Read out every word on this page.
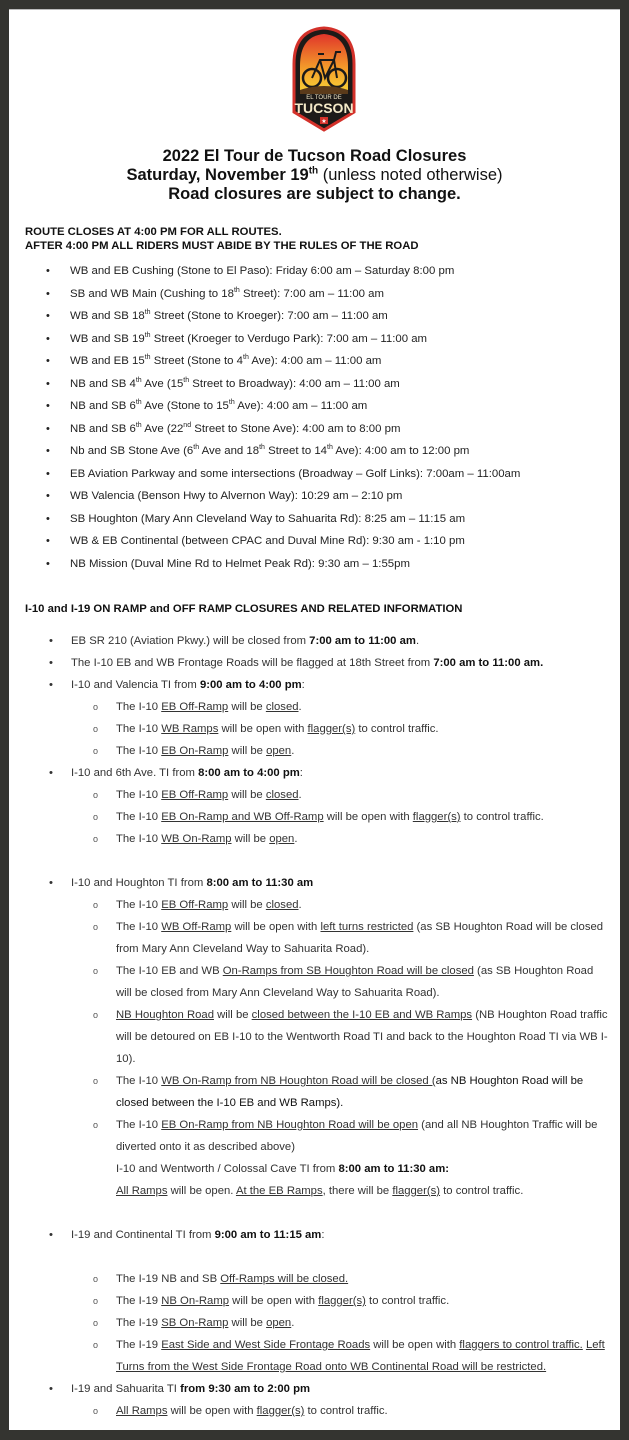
EL TOUR DE
TUCSON
★
2022 El Tour de Tucson Road Closures
Saturday, November 19th (unless noted otherwise)
Road closures are subject to change.
ROUTE CLOSES AT 4:00 PM FOR ALL ROUTES.
AFTER 4:00 PM ALL RIDERS MUST ABIDE BY THE RULES OF THE ROAD
• WB and EB Cushing (Stone to El Paso): Friday 6:00 am – Saturday 8:00 pm
• SB and WB Main (Cushing to 18th Street): 7:00 am – 11:00 am
• WB and SB 18th Street (Stone to Kroeger): 7:00 am – 11:00 am
• WB and SB 19th Street (Kroeger to Verdugo Park): 7:00 am – 11:00 am
• WB and EB 15th Street (Stone to 4th Ave): 4:00 am – 11:00 am
• NB and SB 4th Ave (15th Street to Broadway): 4:00 am – 11:00 am
• NB and SB 6th Ave (Stone to 15th Ave): 4:00 am – 11:00 am
• NB and SB 6th Ave (22nd Street to Stone Ave): 4:00 am to 8:00 pm
• Nb and SB Stone Ave (6th Ave and 18th Street to 14th Ave): 4:00 am to 12:00 pm
• EB Aviation Parkway and some intersections (Broadway – Golf Links): 7:00am – 11:00am
• WB Valencia (Benson Hwy to Alvernon Way): 10:29 am – 2:10 pm
• SB Houghton (Mary Ann Cleveland Way to Sahuarita Rd): 8:25 am – 11:15 am
• WB & EB Continental (between CPAC and Duval Mine Rd): 9:30 am - 1:10 pm
• NB Mission (Duval Mine Rd to Helmet Peak Rd): 9:30 am – 1:55pm
I-10 and I-19 ON RAMP and OFF RAMP CLOSURES AND RELATED INFORMATION
• EB SR 210 (Aviation Pkwy.) will be closed from 7:00 am to 11:00 am.
• The I-10 EB and WB Frontage Roads will be flagged at 18th Street from 7:00 am to 11:00 am.
• I-10 and Valencia TI from 9:00 am to 4:00 pm:
o The I-10 EB Off-Ramp will be closed.
o The I-10 WB Ramps will be open with flagger(s) to control traffic.
o The I-10 EB On-Ramp will be open.
• I-10 and 6th Ave. TI from 8:00 am to 4:00 pm:
o The I-10 EB Off-Ramp will be closed.
o The I-10 EB On-Ramp and WB Off-Ramp will be open with flagger(s) to control traffic.
o The I-10 WB On-Ramp will be open.
• I-10 and Houghton TI from 8:00 am to 11:30 am
o The I-10 EB Off-Ramp will be closed.
o The I-10 WB Off-Ramp will be open with left turns restricted (as SB Houghton Road will be closed from Mary Ann Cleveland Way to Sahuarita Road).
o The I-10 EB and WB On-Ramps from SB Houghton Road will be closed (as SB Houghton Road will be closed from Mary Ann Cleveland Way to Sahuarita Road).
o NB Houghton Road will be closed between the I-10 EB and WB Ramps (NB Houghton Road traffic will be detoured on EB I-10 to the Wentworth Road TI and back to the Houghton Road TI via WB I-10).
o The I-10 WB On-Ramp from NB Houghton Road will be closed (as NB Houghton Road will be closed between the I-10 EB and WB Ramps).
o The I-10 EB On-Ramp from NB Houghton Road will be open (and all NB Houghton Traffic will be diverted onto it as described above)
I-10 and Wentworth / Colossal Cave TI from 8:00 am to 11:30 am:
All Ramps will be open. At the EB Ramps, there will be flagger(s) to control traffic.
• I-19 and Continental TI from 9:00 am to 11:15 am:
o The I-19 NB and SB Off-Ramps will be closed.
o The I-19 NB On-Ramp will be open with flagger(s) to control traffic.
o The I-19 SB On-Ramp will be open.
o The I-19 East Side and West Side Frontage Roads will be open with flaggers to control traffic. Left Turns from the West Side Frontage Road onto WB Continental Road will be restricted.
• I-19 and Sahuarita TI from 9:30 am to 2:00 pm
o All Ramps will be open with flagger(s) to control traffic.
